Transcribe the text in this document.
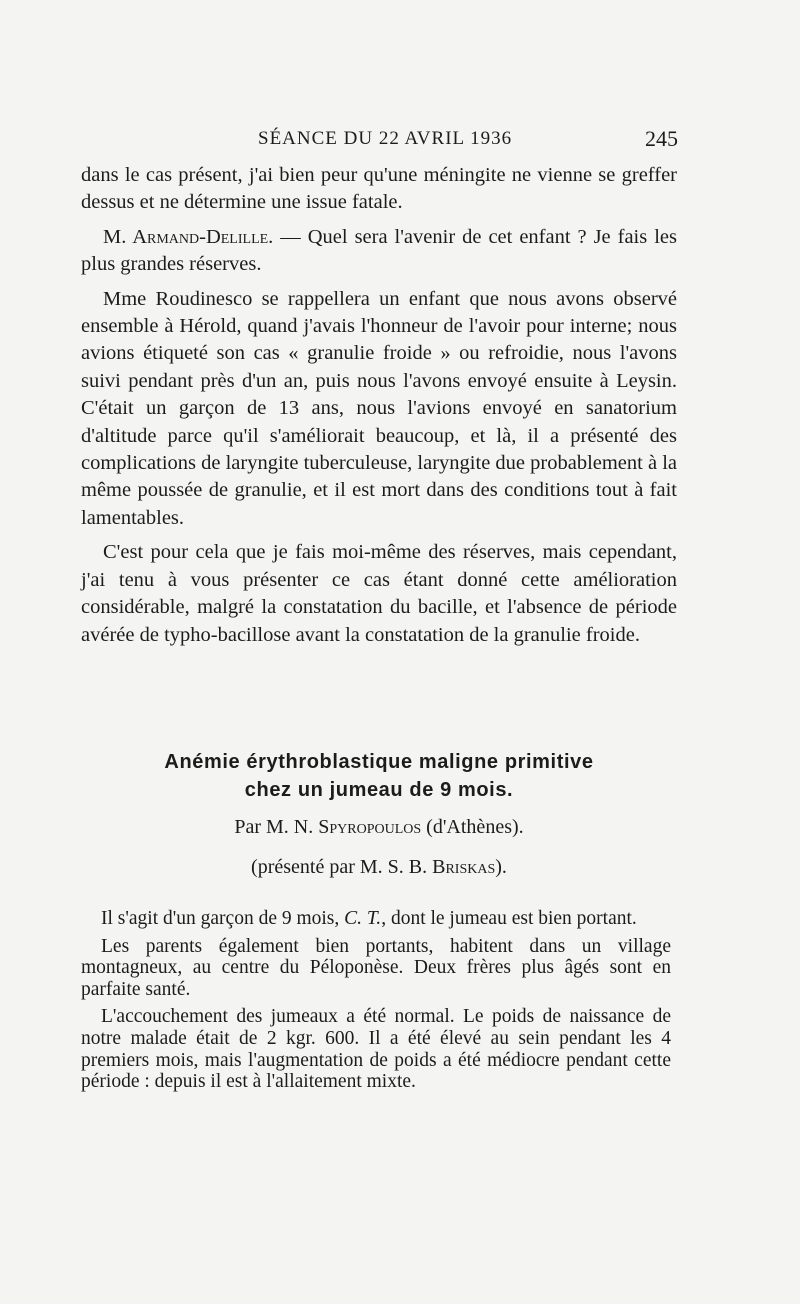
SÉANCE DU 22 AVRIL 1936	245

dans le cas présent, j'ai bien peur qu'une méningite ne vienne se greffer dessus et ne détermine une issue fatale.

M. Armand-Delille. — Quel sera l'avenir de cet enfant ? Je fais les plus grandes réserves.

Mme Roudinesco se rappellera un enfant que nous avons observé ensemble à Hérold, quand j'avais l'honneur de l'avoir pour interne; nous avions étiqueté son cas « granulie froide » ou refroidie, nous l'avons suivi pendant près d'un an, puis nous l'avons envoyé ensuite à Leysin. C'était un garçon de 13 ans, nous l'avions envoyé en sanatorium d'altitude parce qu'il s'améliorait beaucoup, et là, il a présenté des complications de laryngite tuberculeuse, laryngite due probablement à la même poussée de granulie, et il est mort dans des conditions tout à fait lamentables.

C'est pour cela que je fais moi-même des réserves, mais cependant, j'ai tenu à vous présenter ce cas étant donné cette amélioration considérable, malgré la constatation du bacille, et l'absence de période avérée de typho-bacillose avant la constatation de la granulie froide.

Anémie érythroblastique maligne primitive
chez un jumeau de 9 mois.
Par M. N. Spyropoulos (d'Athènes).
(présenté par M. S. B. Briskas).

Il s'agit d'un garçon de 9 mois, C. T., dont le jumeau est bien portant.

Les parents également bien portants, habitent dans un village montagneux, au centre du Péloponèse. Deux frères plus âgés sont en parfaite santé.

L'accouchement des jumeaux a été normal. Le poids de naissance de notre malade était de 2 kgr. 600. Il a été élevé au sein pendant les 4 premiers mois, mais l'augmentation de poids a été médiocre pendant cette période : depuis il est à l'allaitement mixte.
